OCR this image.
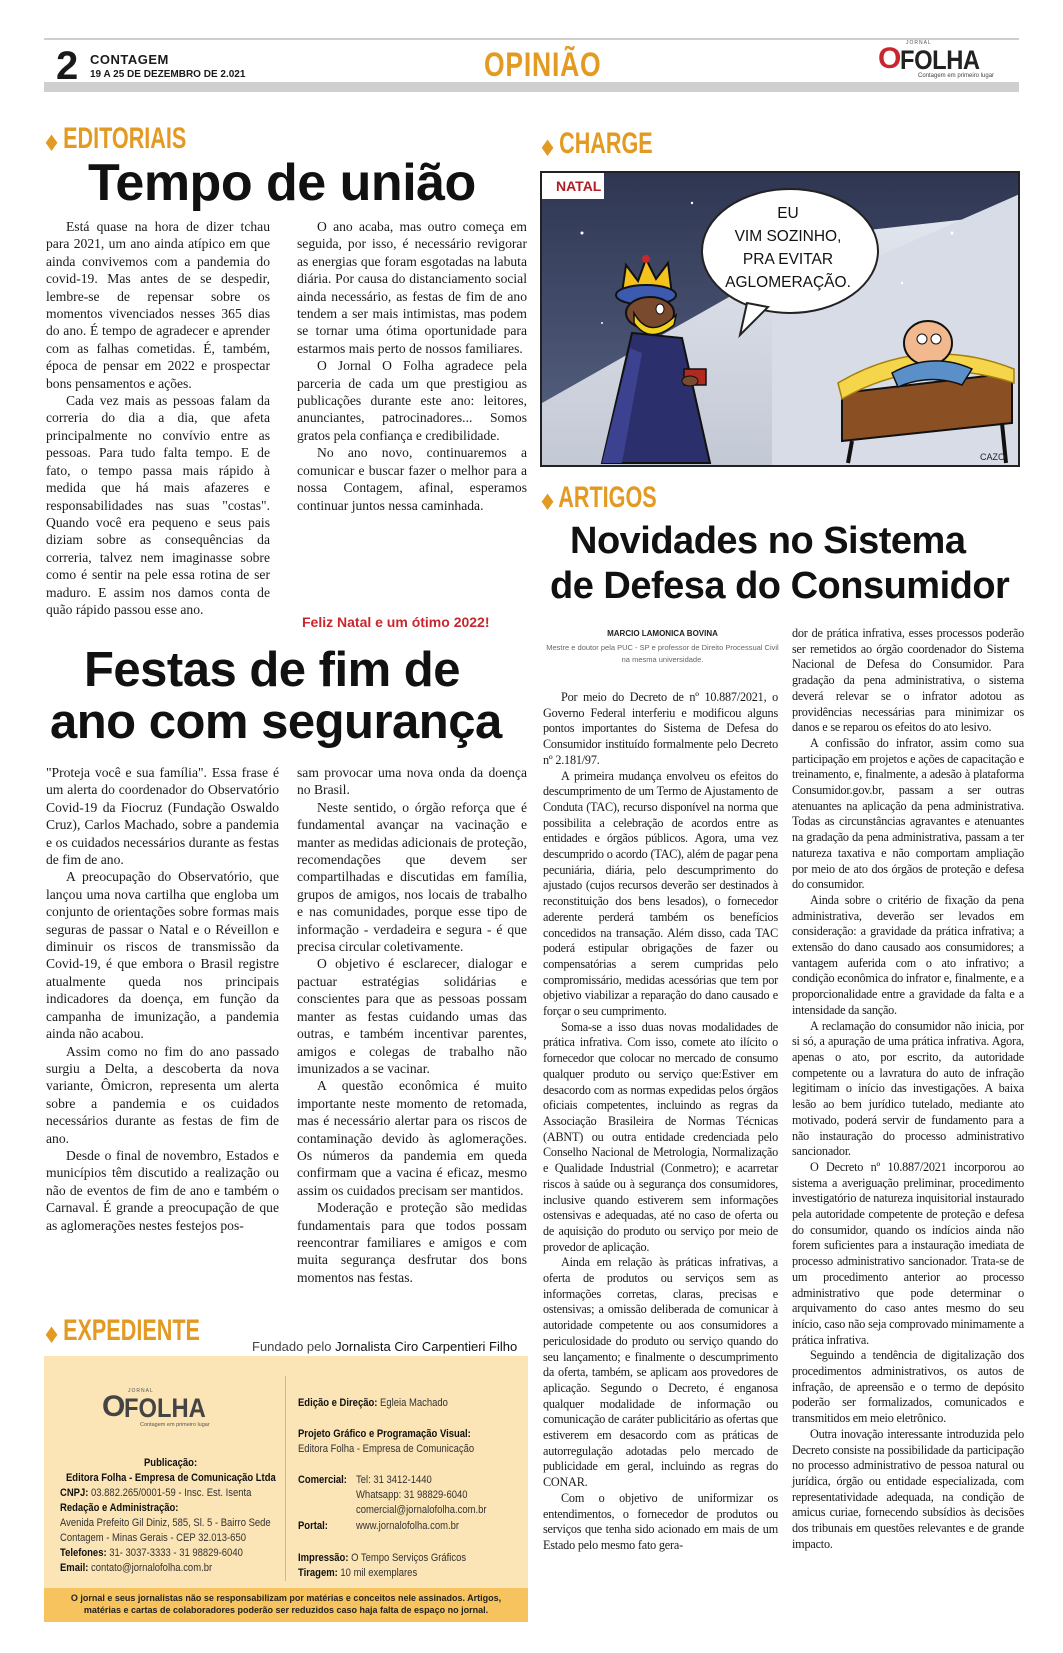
2 CONTAGEM
19 A 25 DE DEZEMBRO DE 2.021	OPINIÃO
JORNAL
O
FOLHA
Contagem em primeiro lugar
◆ EDITORIAIS
Tempo de união

Está quase na hora de dizer tchau para 2021, um ano ainda atípico em que ainda convivemos com a pandemia do covid-19. Mas antes de se despedir, lembre-se de repensar sobre os momentos vivenciados nesses 365 dias do ano. É tempo de agradecer e aprender com as falhas cometidas. É, também, época de pensar em 2022 e prospectar bons pensamentos e ações.

Cada vez mais as pessoas falam da correria do dia a dia, que afeta principalmente no convívio entre as pessoas. Para tudo falta tempo. E de fato, o tempo passa mais rápido à medida que há mais afazeres e responsabilidades nas suas "costas". Quando você era pequeno e seus pais diziam sobre as consequências da correria, talvez nem imaginasse sobre como é sentir na pele essa rotina de ser maduro. E assim nos damos conta de quão rápido passou esse ano.

O ano acaba, mas outro começa em seguida, por isso, é necessário revigorar as energias que foram esgotadas na labuta diária. Por causa do distanciamento social ainda necessário, as festas de fim de ano tendem a ser mais intimistas, mas podem se tornar uma ótima oportunidade para estarmos mais perto de nossos familiares.

O Jornal O Folha agradece pela parceria de cada um que prestigiou as publicações durante este ano: leitores, anunciantes, patrocinadores... Somos gratos pela confiança e credibilidade.

No ano novo, continuaremos a comunicar e buscar fazer o melhor para a nossa Contagem, afinal, esperamos continuar juntos nessa caminhada.

Feliz Natal e um ótimo 2022!
Festas de fim de
ano com segurança

"Proteja você e sua família". Essa frase é um alerta do coordenador do Observatório Covid-19 da Fiocruz (Fundação Oswaldo Cruz), Carlos Machado, sobre a pandemia e os cuidados necessários durante as festas de fim de ano.

A preocupação do Observatório, que lançou uma nova cartilha que engloba um conjunto de orientações sobre formas mais seguras de passar o Natal e o Réveillon e diminuir os riscos de transmissão da Covid-19, é que embora o Brasil registre atualmente queda nos principais indicadores da doença, em função da campanha de imunização, a pandemia ainda não acabou.

Assim como no fim do ano passado surgiu a Delta, a descoberta da nova variante, Ômicron, representa um alerta sobre a pandemia e os cuidados necessários durante as festas de fim de ano.

Desde o final de novembro, Estados e municípios têm discutido a realização ou não de eventos de fim de ano e também o Carnaval. É grande a preocupação de que as aglomerações nestes festejos pos-

sam provocar uma nova onda da doença no Brasil.

Neste sentido, o órgão reforça que é fundamental avançar na vacinação e manter as medidas adicionais de proteção, recomendações que devem ser compartilhadas e discutidas em família, grupos de amigos, nos locais de trabalho e nas comunidades, porque esse tipo de informação - verdadeira e segura - é que precisa circular coletivamente.

O objetivo é esclarecer, dialogar e pactuar estratégias solidárias e conscientes para que as pessoas possam manter as festas cuidando umas das outras, e também incentivar parentes, amigos e colegas de trabalho não imunizados a se vacinar.

A questão econômica é muito importante neste momento de retomada, mas é necessário alertar para os riscos de contaminação devido às aglomerações. Os números da pandemia em queda confirmam que a vacina é eficaz, mesmo assim os cuidados precisam ser mantidos.

Moderação e proteção são medidas fundamentais para que todos possam reencontrar familiares e amigos e com muita segurança desfrutar dos bons momentos nas festas.

◆ EXPEDIENTE	Fundado pelo Jornalista Ciro Carpentieri Filho
JORNAL
O
FOLHA
Contagem em primeiro lugar
Publicação:
Editora Folha - Empresa de Comunicação Ltda
CNPJ: 03.882.265/0001-59 - Insc. Est. Isenta
Redação e Administração:
Avenida Prefeito Gil Diniz, 585, Sl. 5 - Bairro Sede
Contagem - Minas Gerais - CEP 32.013-650
Telefones: 31- 3037-3333 - 31 98829-6040
Email: contato@jornalofolha.com.br
Edição e Direção: Egleia Machado
Projeto Gráfico e Programação Visual:
Editora Folha - Empresa de Comunicação
Comercial: Tel: 31 3412-1440
Whatsapp: 31 98829-6040
comercial@jornalofolha.com.br
Portal:	www.jornalofolha.com.br
Impressão: O Tempo Serviços Gráficos
Tiragem: 10 mil exemplares
O jornal e seus jornalistas não se responsabilizam por matérias e conceitos nele assinados. Artigos,
matérias e cartas de colaboradores poderão ser reduzidos caso haja falta de espaço no jornal.
◆ CHARGE
NATAL
EU
VIM SOZINHO,
PRA EVITAR
AGLOMERAÇÃO.
CAZO
◆ ARTIGOS
Novidades no Sistema
de Defesa do Consumidor
MARCIO LAMONICA BOVINA
Mestre e doutor pela PUC - SP e professor de Direito Processual Civil
na mesma universidade.

Por meio do Decreto de nº 10.887/2021, o Governo Federal interferiu e modificou alguns pontos importantes do Sistema de Defesa do Consumidor instituído formalmente pelo Decreto nº 2.181/97.

A primeira mudança envolveu os efeitos do descumprimento de um Termo de Ajustamento de Conduta (TAC), recurso disponível na norma que possibilita a celebração de acordos entre as entidades e órgãos públicos. Agora, uma vez descumprido o acordo (TAC), além de pagar pena pecuniária, diária, pelo descumprimento do ajustado (cujos recursos deverão ser destinados à reconstituição dos bens lesados), o fornecedor aderente perderá também os benefícios concedidos na transação. Além disso, cada TAC poderá estipular obrigações de fazer ou compensatórias a serem cumpridas pelo compromissário, medidas acessórias que tem por objetivo viabilizar a reparação do dano causado e forçar o seu cumprimento.

Soma-se a isso duas novas modalidades de prática infrativa. Com isso, comete ato ilícito o fornecedor que colocar no mercado de consumo qualquer produto ou serviço que:Estiver em desacordo com as normas expedidas pelos órgãos oficiais competentes, incluindo as regras da Associação Brasileira de Normas Técnicas (ABNT) ou outra entidade credenciada pelo Conselho Nacional de Metrologia, Normalização e Qualidade Industrial (Conmetro); e acarretar riscos à saúde ou à segurança dos consumidores, inclusive quando estiverem sem informações ostensivas e adequadas, até no caso de oferta ou de aquisição do produto ou serviço por meio de provedor de aplicação.

Ainda em relação às práticas infrativas, a oferta de produtos ou serviços sem as informações corretas, claras, precisas e ostensivas; a omissão deliberada de comunicar à autoridade competente ou aos consumidores a periculosidade do produto ou serviço quando do seu lançamento; e finalmente o descumprimento da oferta, também, se aplicam aos provedores de aplicação. Segundo o Decreto, é enganosa qualquer modalidade de informação ou comunicação de caráter publicitário as ofertas que estiverem em desacordo com as práticas de autorregulação adotadas pelo mercado de publicidade em geral, incluindo as regras do CONAR.

Com o objetivo de uniformizar os entendimentos, o fornecedor de produtos ou serviços que tenha sido acionado em mais de um Estado pelo mesmo fato gera-

dor de prática infrativa, esses processos poderão ser remetidos ao órgão coordenador do Sistema Nacional de Defesa do Consumidor. Para gradação da pena administrativa, o sistema deverá relevar se o infrator adotou as providências necessárias para minimizar os danos e se reparou os efeitos do ato lesivo.

A confissão do infrator, assim como sua participação em projetos e ações de capacitação e treinamento, e, finalmente, a adesão à plataforma Consumidor.gov.br, passam a ser outras atenuantes na aplicação da pena administrativa. Todas as circunstâncias agravantes e atenuantes na gradação da pena administrativa, passam a ter natureza taxativa e não comportam ampliação por meio de ato dos órgãos de proteção e defesa do consumidor.

Ainda sobre o critério de fixação da pena administrativa, deverão ser levados em consideração: a gravidade da prática infrativa; a extensão do dano causado aos consumidores; a vantagem auferida com o ato infrativo; a condição econômica do infrator e, finalmente, e a proporcionalidade entre a gravidade da falta e a intensidade da sanção.

A reclamação do consumidor não inicia, por si só, a apuração de uma prática infrativa. Agora, apenas o ato, por escrito, da autoridade competente ou a lavratura do auto de infração legitimam o início das investigações. A baixa lesão ao bem jurídico tutelado, mediante ato motivado, poderá servir de fundamento para a não instauração do processo administrativo sancionador.

O Decreto nº 10.887/2021 incorporou ao sistema a averiguação preliminar, procedimento investigatório de natureza inquisitorial instaurado pela autoridade competente de proteção e defesa do consumidor, quando os indícios ainda não forem suficientes para a instauração imediata de processo administrativo sancionador. Trata-se de um procedimento anterior ao processo administrativo que pode determinar o arquivamento do caso antes mesmo do seu início, caso não seja comprovado minimamente a prática infrativa.

Seguindo a tendência de digitalização dos procedimentos administrativos, os autos de infração, de apreensão e o termo de depósito poderão ser formalizados, comunicados e transmitidos em meio eletrônico.

Outra inovação interessante introduzida pelo Decreto consiste na possibilidade da participação no processo administrativo de pessoa natural ou jurídica, órgão ou entidade especializada, com representatividade adequada, na condição de amicus curiae, fornecendo subsídios às decisões dos tribunais em questões relevantes e de grande impacto.
